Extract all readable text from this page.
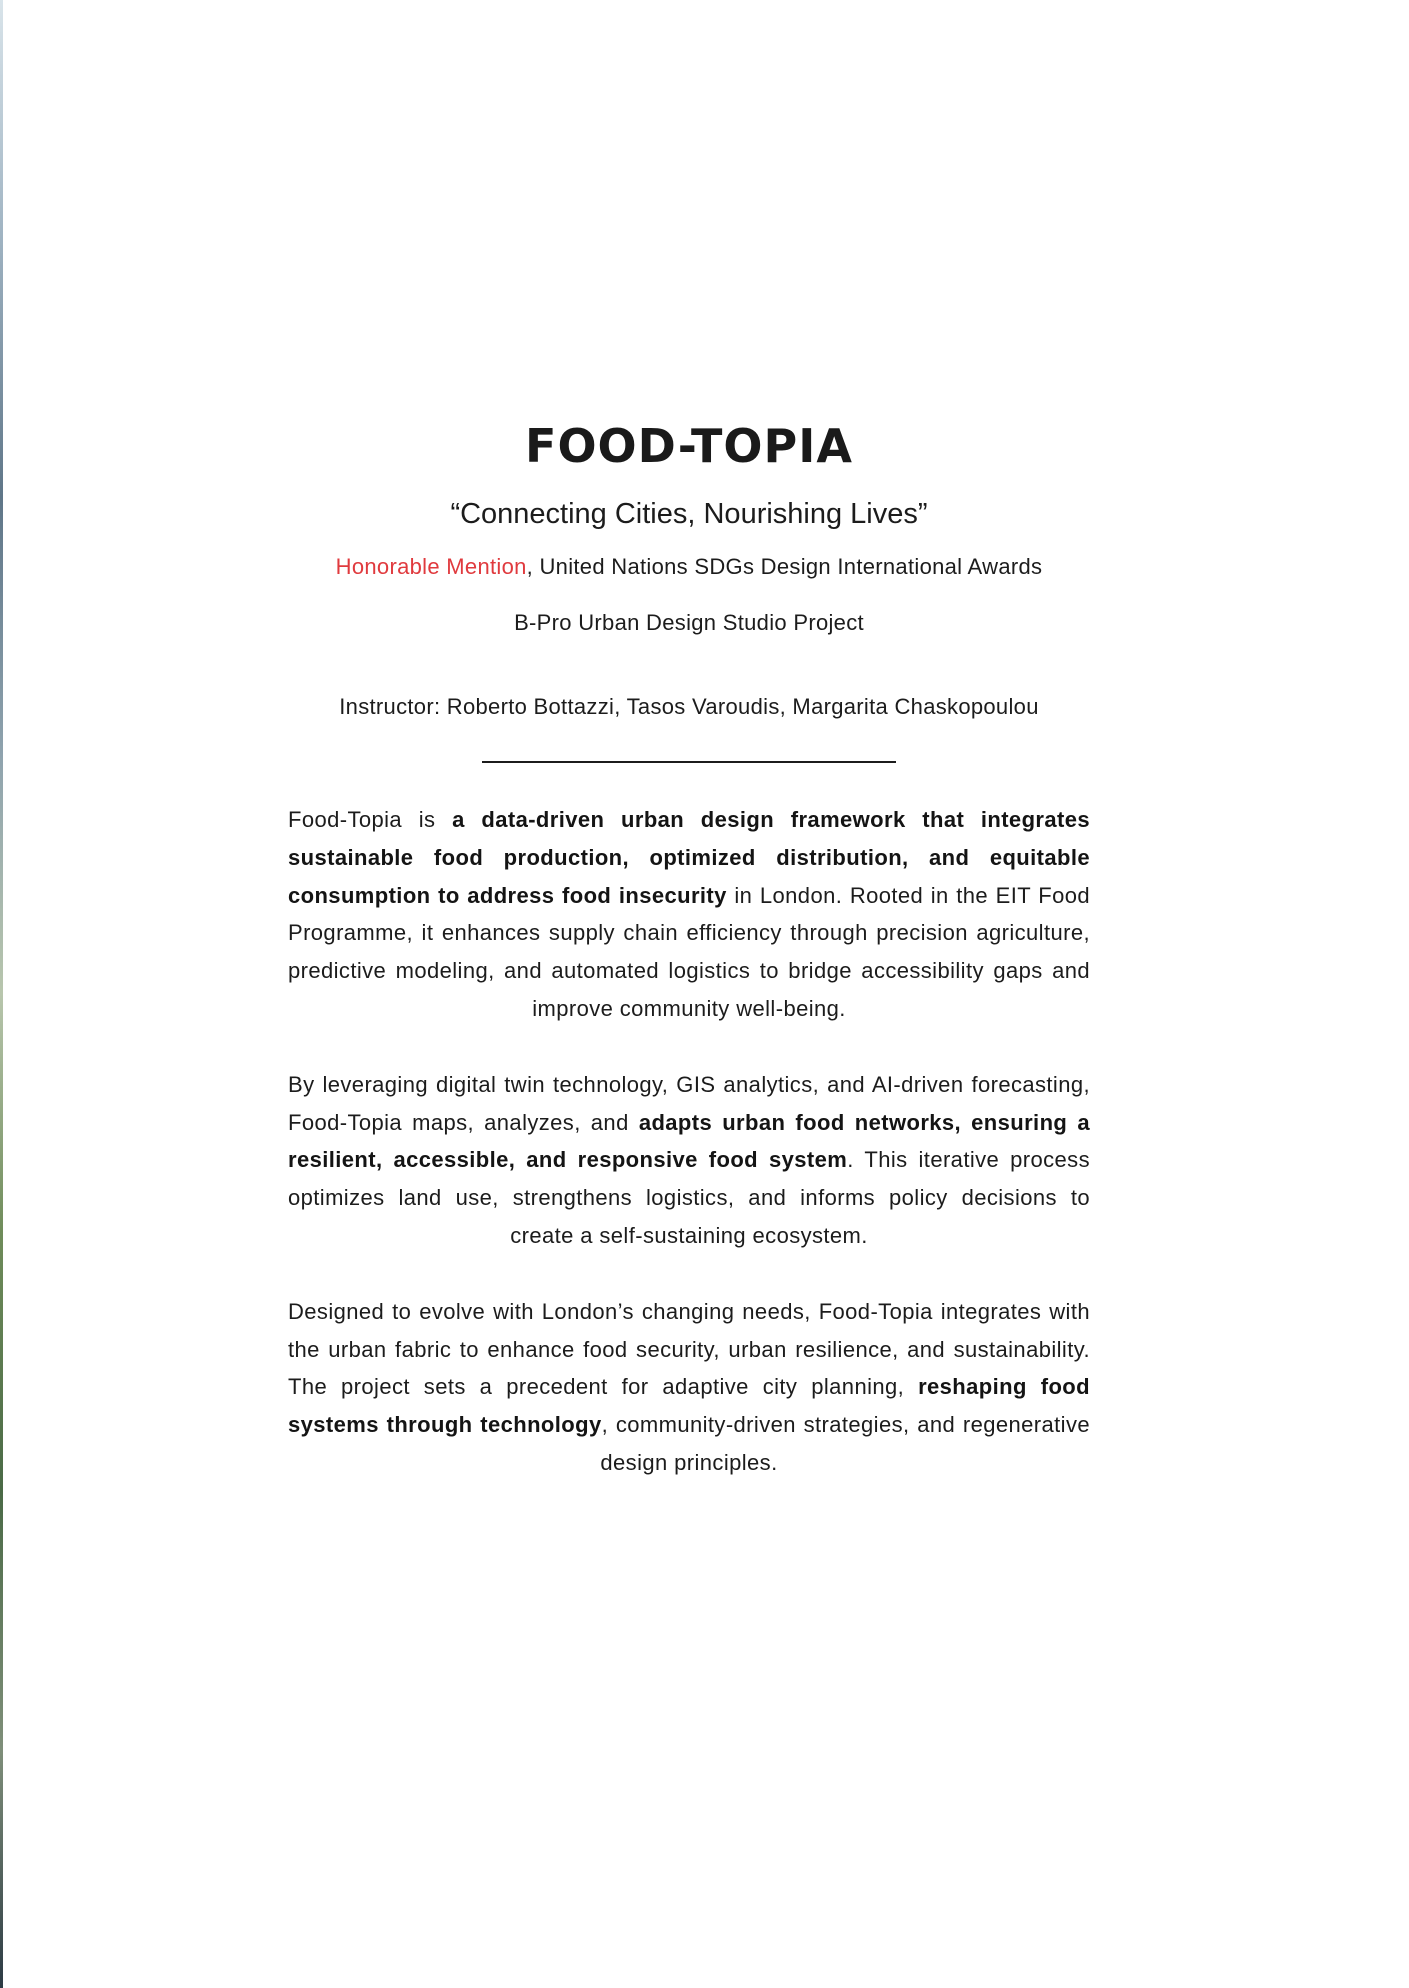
FOOD-TOPIA
“Connecting Cities, Nourishing Lives”
Honorable Mention, United Nations SDGs Design International Awards
B-Pro Urban Design Studio Project
Instructor: Roberto Bottazzi, Tasos Varoudis, Margarita Chaskopoulou

Food-Topia is a data-driven urban design framework that integrates sustainable food production, optimized distribution, and equitable consumption to address food insecurity in London. Rooted in the EIT Food Programme, it enhances supply chain efficiency through precision agriculture, predictive modeling, and automated logistics to bridge accessibility gaps and improve community well-being.

By leveraging digital twin technology, GIS analytics, and AI-driven forecasting, Food-Topia maps, analyzes, and adapts urban food networks, ensuring a resilient, accessible, and responsive food system. This iterative process optimizes land use, strengthens logistics, and informs policy decisions to create a self-sustaining ecosystem.

Designed to evolve with London’s changing needs, Food-Topia integrates with the urban fabric to enhance food security, urban resilience, and sustainability. The project sets a precedent for adaptive city planning, reshaping food systems through technology, community-driven strategies, and regenerative design principles.
